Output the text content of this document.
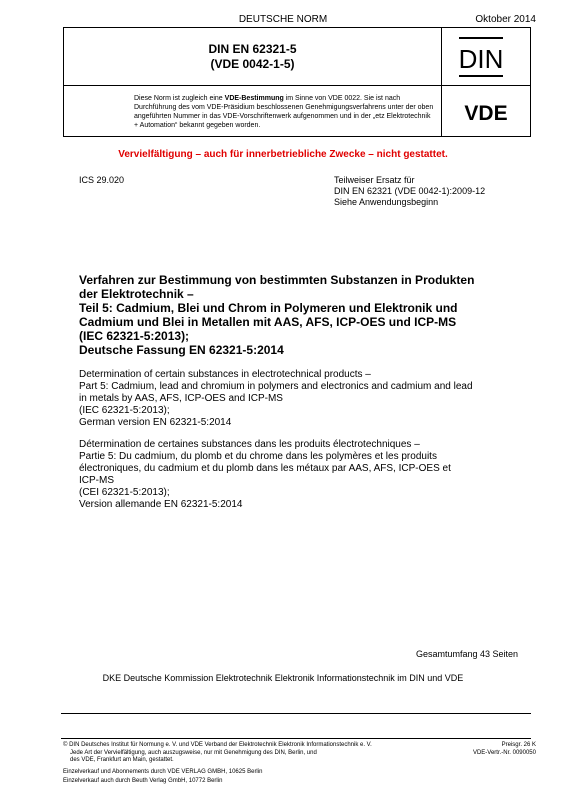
DEUTSCHE NORM	Oktober 2014
DIN EN 62321-5
(VDE 0042-1-5)	DIN
Diese Norm ist zugleich eine VDE-Bestimmung im Sinne von VDE 0022. Sie ist nach Durchführung des vom VDE-Präsidium beschlossenen Genehmigungsverfahrens unter der oben angeführten Nummer in das VDE-Vorschriftenwerk aufgenommen und in der „etz Elektrotechnik + Automation“ bekannt gegeben worden.
VDE
Vervielfältigung – auch für innerbetriebliche Zwecke – nicht gestattet.
ICS 29.020	Teilweiser Ersatz für
DIN EN 62321 (VDE 0042-1):2009-12
Siehe Anwendungsbeginn
Verfahren zur Bestimmung von bestimmten Substanzen in Produkten
der Elektrotechnik –
Teil 5: Cadmium, Blei und Chrom in Polymeren und Elektronik und
Cadmium und Blei in Metallen mit AAS, AFS, ICP-OES und ICP-MS
(IEC 62321-5:2013);
Deutsche Fassung EN 62321-5:2014
Determination of certain substances in electrotechnical products –
Part 5: Cadmium, lead and chromium in polymers and electronics and cadmium and lead
in metals by AAS, AFS, ICP-OES and ICP-MS
(IEC 62321-5:2013);
German version EN 62321-5:2014
Détermination de certaines substances dans les produits électrotechniques –
Partie 5: Du cadmium, du plomb et du chrome dans les polymères et les produits
électroniques, du cadmium et du plomb dans les métaux par AAS, AFS, ICP-OES et
ICP-MS
(CEI 62321-5:2013);
Version allemande EN 62321-5:2014
Gesamtumfang 43 Seiten
DKE Deutsche Kommission Elektrotechnik Elektronik Informationstechnik im DIN und VDE
© DIN Deutsches Institut für Normung e. V. und VDE Verband der Elektrotechnik Elektronik Informationstechnik e. V.
Jede Art der Vervielfältigung, auch auszugsweise, nur mit Genehmigung des DIN, Berlin, und
des VDE, Frankfurt am Main, gestattet.
Preisgr. 26 K
VDE-Vertr.-Nr. 0090050
Einzelverkauf und Abonnements durch VDE VERLAG GMBH, 10625 Berlin
Einzelverkauf auch durch Beuth Verlag GmbH, 10772 Berlin
